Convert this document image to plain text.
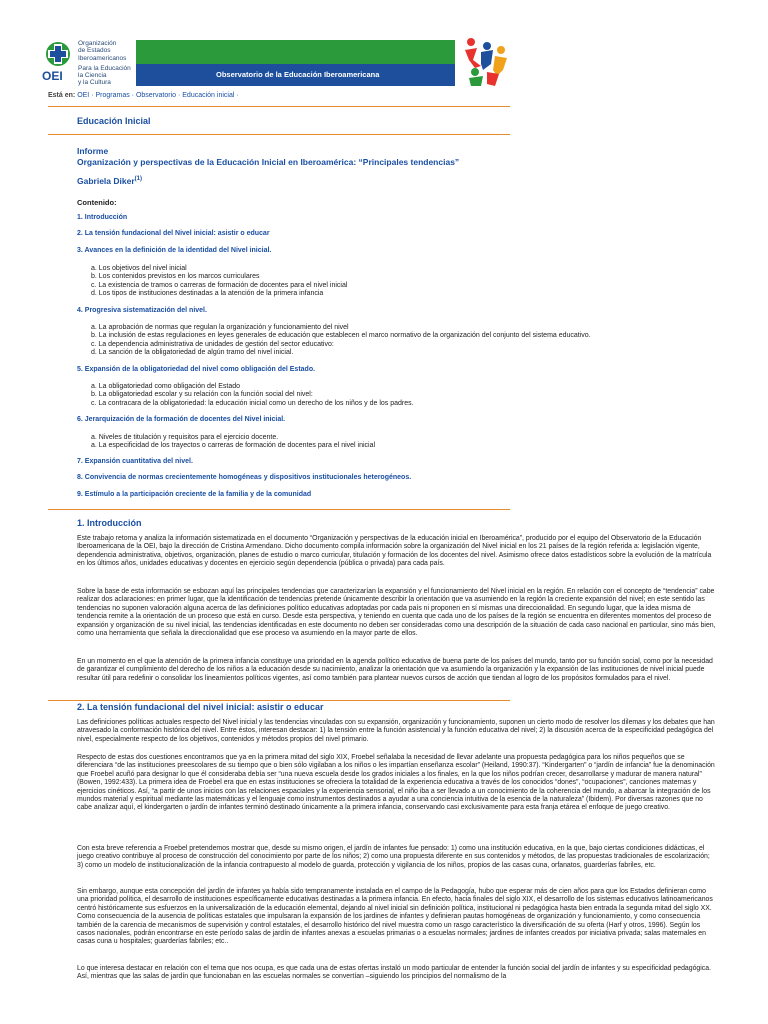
OEI
Organización
de Estados
Iberoamericanos
Para la Educación
la Ciencia
y la Cultura
Observatorio de la Educación Iberoamericana
Está en: OEI · Programas · Observatorio · Educación inicial ·
Educación Inicial
Informe
Organización y perspectivas de la Educación Inicial en Iberoamérica: “Principales tendencias”
Gabriela Diker$^{(1)}$
Contenido:
1. Introducción
2. La tensión fundacional del Nivel inicial: asistir o educar
3. Avances en la definición de la identidad del Nivel inicial.
a. Los objetivos del nivel inicial
b. Los contenidos previstos en los marcos curriculares
c. La existencia de tramos o carreras de formación de docentes para el nivel inicial
d. Los tipos de instituciones destinadas a la atención de la primera infancia
4. Progresiva sistematización del nivel.
a. La aprobación de normas que regulan la organización y funcionamiento del nivel
b. La inclusión de estas regulaciones en leyes generales de educación que establecen el marco normativo de la organización del conjunto del sistema educativo.
c. La dependencia administrativa de unidades de gestión del sector educativo:
d. La sanción de la obligatoriedad de algún tramo del nivel inicial.
5. Expansión de la obligatoriedad del nivel como obligación del Estado.
a. La obligatoriedad como obligación del Estado
b. La obligatoriedad escolar y su relación con la función social del nivel:
c. La contracara de la obligatoriedad: la educación inicial como un derecho de los niños y de los padres.
6. Jerarquización de la formación de docentes del Nivel inicial.
a. Niveles de titulación y requisitos para el ejercicio docente.
a. La especificidad de los trayectos o carreras de formación de docentes para el nivel inicial
7. Expansión cuantitativa del nivel.
8. Convivencia de normas crecientemente homogéneas y dispositivos institucionales heterogéneos.
9. Estímulo a la participación creciente de la familia y de la comunidad
1. Introducción

Este trabajo retoma y analiza la información sistematizada en el documento “Organización y perspectivas de la educación inicial en Iberoamérica”, producido por el equipo del Observatorio de la Educación Iberoamericana de la OEI, bajo la dirección de Cristina Armendano. Dicho documento compila información sobre la organización del Nivel inicial en los 21 países de la región referida a: legislación vigente, dependencia administrativa, objetivos, organización, planes de estudio o marco curricular, titulación y formación de los docentes del nivel. Asimismo ofrece datos estadísticos sobre la evolución de la matrícula en los últimos años, unidades educativas y docentes en ejercicio según dependencia (pública o privada) para cada país.

Sobre la base de esta información se esbozan aquí las principales tendencias que caracterizarían la expansión y el funcionamiento del Nivel inicial en la región. En relación con el concepto de “tendencia” cabe realizar dos aclaraciones: en primer lugar, que la identificación de tendencias pretende únicamente describir la orientación que va asumiendo en la región la creciente expansión del nivel; en este sentido las tendencias no suponen valoración alguna acerca de las definiciones político educativas adoptadas por cada país ni proponen en sí mismas una direccionalidad. En segundo lugar, que la idea misma de tendencia remite a la orientación de un proceso que está en curso. Desde esta perspectiva, y teniendo en cuenta que cada uno de los países de la región se encuentra en diferentes momentos del proceso de expansión y organización de su nivel inicial, las tendencias identificadas en este documento no deben ser consideradas como una descripción de la situación de cada caso nacional en particular, sino más bien, como una herramienta que señala la direccionalidad que ese proceso va asumiendo en la mayor parte de ellos.

En un momento en el que la atención de la primera infancia constituye una prioridad en la agenda político educativa de buena parte de los países del mundo, tanto por su función social, como por la necesidad de garantizar el cumplimiento del derecho de los niños a la educación desde su nacimiento, analizar la orientación que va asumiendo la organización y la expansión de las instituciones de nivel inicial puede resultar útil para redefinir o consolidar los lineamientos políticos vigentes, así como también para plantear nuevos cursos de acción que tiendan al logro de los propósitos formulados para el nivel.

2. La tensión fundacional del nivel inicial: asistir o educar

Las definiciones políticas actuales respecto del Nivel inicial y las tendencias vinculadas con su expansión, organización y funcionamiento, suponen un cierto modo de resolver los dilemas y los debates que han atravesado la conformación histórica del nivel. Entre éstos, interesan destacar: 1) la tensión entre la función asistencial y la función educativa del nivel; 2) la discusión acerca de la especificidad pedagógica del nivel, especialmente respecto de los objetivos, contenidos y métodos propios del nivel primario.

Respecto de estas dos cuestiones encontramos que ya en la primera mitad del siglo XIX, Froebel señalaba la necesidad de llevar adelante una propuesta pedagógica para los niños pequeños que se diferenciara “de las instituciones preescolares de su tiempo que o bien sólo vigilaban a los niños o les impartían enseñanza escolar” (Heiland, 1990:37). “Kindergarten” o “jardín de infancia” fue la denominación que Froebel acuñó para designar lo que él consideraba debía ser “una nueva escuela desde los grados iniciales a los finales, en la que los niños podrían crecer, desarrollarse y madurar de manera natural” (Bowen, 1992:433). La primera idea de Froebel era que en estas instituciones se ofreciera la totalidad de la experiencia educativa a través de los conocidos “dones”, “ocupaciones”, canciones maternas y ejercicios cinéticos. Así, “a partir de unos inicios con las relaciones espaciales y la experiencia sensorial, el niño iba a ser llevado a un conocimiento de la coherencia del mundo, a abarcar la integración de los mundos material y espiritual mediante las matemáticas y el lenguaje como instrumentos destinados a ayudar a una conciencia intuitiva de la esencia de la naturaleza” (Ibidem). Por diversas razones que no cabe analizar aquí, el kindergarten o jardín de infantes terminó destinado únicamente a la primera infancia, conservando casi exclusivamente para esta franja etárea el enfoque de juego creativo.

Con esta breve referencia a Froebel pretendemos mostrar que, desde su mismo origen, el jardín de infantes fue pensado: 1) como una institución educativa, en la que, bajo ciertas condiciones didácticas, el juego creativo contribuye al proceso de construcción del conocimiento por parte de los niños; 2) como una propuesta diferente en sus contenidos y métodos, de las propuestas tradicionales de escolarización; 3) como un modelo de institucionalización de la infancia contrapuesto al modelo de guarda, protección y vigilancia de los niños, propios de las casas cuna, orfanatos, guarderías fabriles, etc.

Sin embargo, aunque esta concepción del jardín de infantes ya había sido tempranamente instalada en el campo de la Pedagogía, hubo que esperar más de cien años para que los Estados definieran como una prioridad política, el desarrollo de instituciones específicamente educativas destinadas a la primera infancia. En efecto, hacia finales del siglo XIX, el desarrollo de los sistemas educativos latinoamericanos centró históricamente sus esfuerzos en la universalización de la educación elemental, dejando al nivel inicial sin definición política, institucional ni pedagógica hasta bien entrada la segunda mitad del siglo XX. Como consecuencia de la ausencia de políticas estatales que impulsaran la expansión de los jardines de infantes y definieran pautas homogéneas de organización y funcionamiento, y como consecuencia también de la carencia de mecanismos de supervisión y control estatales, el desarrollo histórico del nivel muestra como un rasgo característico la diversificación de su oferta (Harf y otros, 1996). Según los casos nacionales, podrán encontrarse en este período salas de jardín de infantes anexas a escuelas primarias o a escuelas normales; jardines de infantes creados por iniciativa privada; salas maternales en casas cuna u hospitales; guarderías fabriles; etc..

Lo que interesa destacar en relación con el tema que nos ocupa, es que cada una de estas ofertas instaló un modo particular de entender la función social del jardín de infantes y su especificidad pedagógica. Así, mientras que las salas de jardín que funcionaban en las escuelas normales se convertían –siguiendo los principios del normalismo de la
